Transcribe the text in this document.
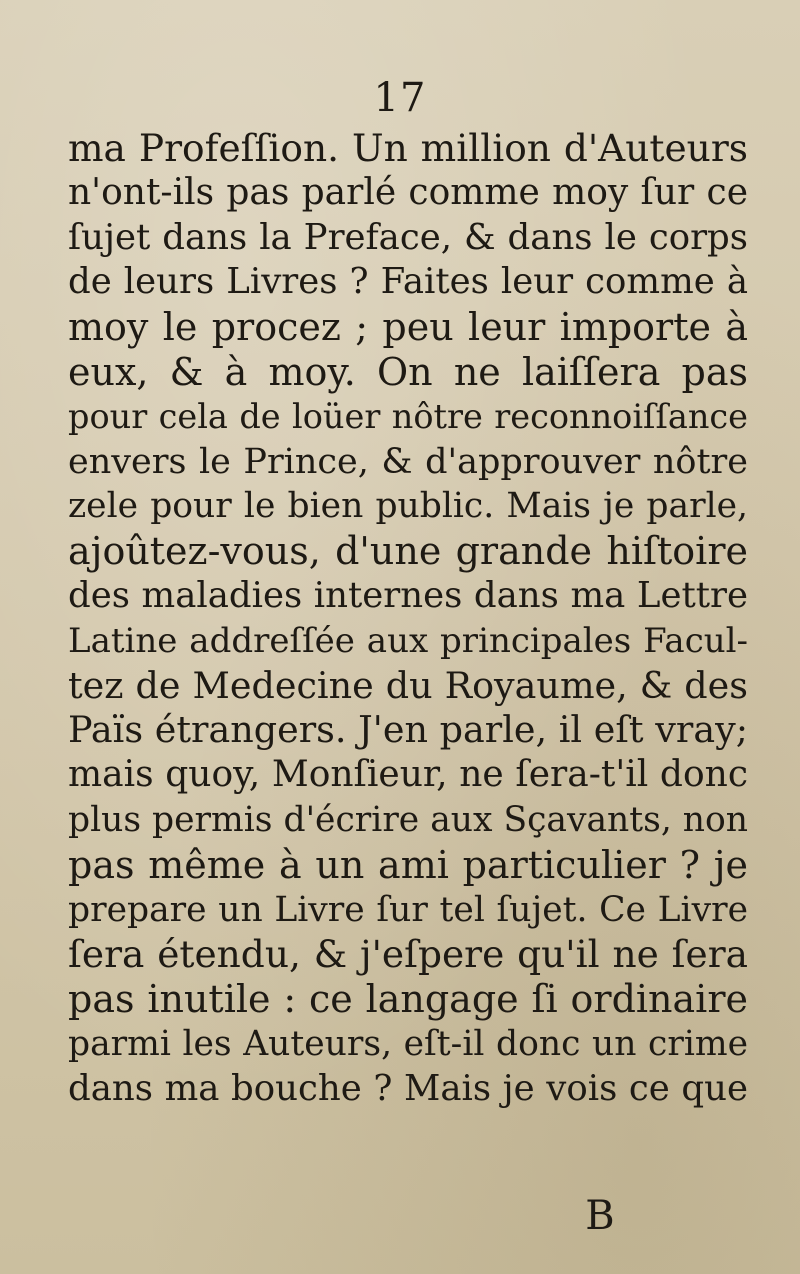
17
ma Profeſſion. Un million d'Auteurs
n'ont-ils pas parlé comme moy ſur ce
ſujet dans la Preface, & dans le corps
de leurs Livres ? Faites leur comme à
moy le procez ; peu leur importe à
eux, & à moy. On ne laiſſera pas
pour cela de loüer nôtre reconnoiſſance
envers le Prince, & d'approuver nôtre
zele pour le bien public. Mais je parle,
ajoûtez-vous, d'une grande hiſtoire
des maladies internes dans ma Lettre
Latine addreſſée aux principales Facul-
tez de Medecine du Royaume, & des
Païs étrangers. J'en parle, il eſt vray;
mais quoy, Monſieur, ne ſera-t'il donc
plus permis d'écrire aux Sçavants, non
pas même à un ami particulier ? je
prepare un Livre ſur tel ſujet. Ce Livre
ſera étendu, & j'eſpere qu'il ne ſera
pas inutile : ce langage ſi ordinaire
parmi les Auteurs, eſt-il donc un crime
dans ma bouche ? Mais je vois ce que
B
